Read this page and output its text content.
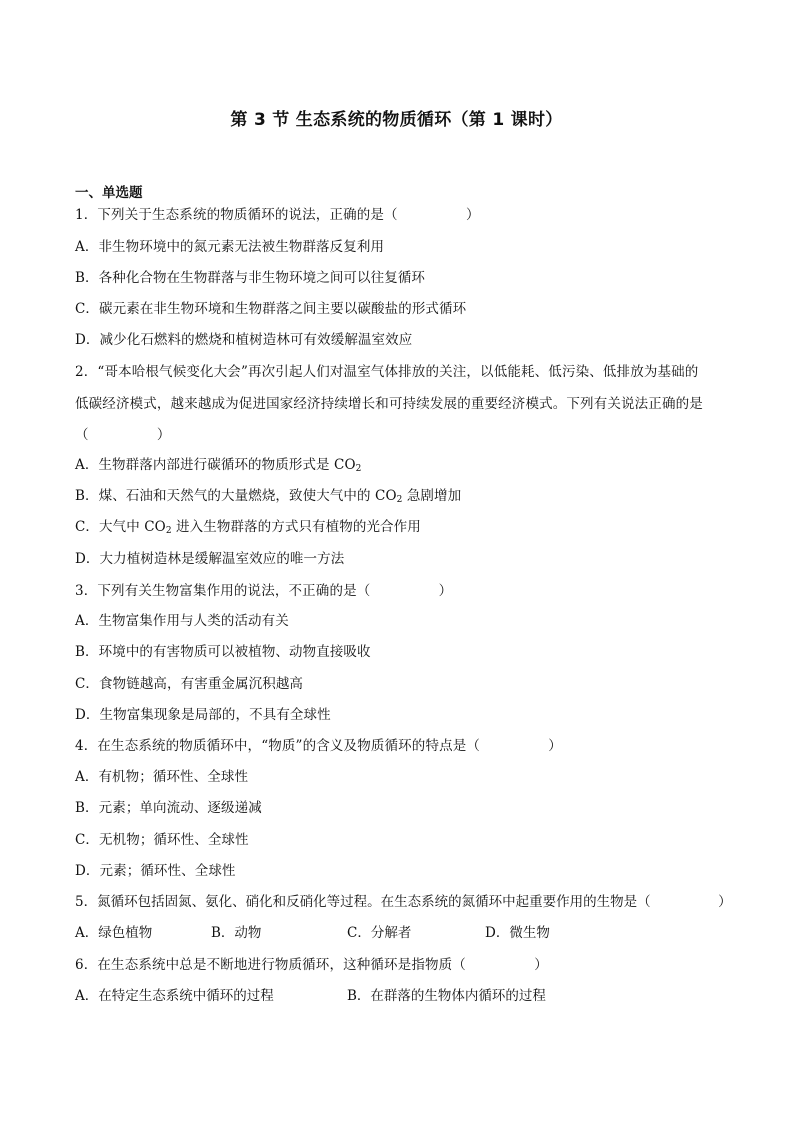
第 3 节 生态系统的物质循环（第 1 课时）
一、单选题
1．下列关于生态系统的物质循环的说法，正确的是（　　　　　）
A．非生物环境中的氮元素无法被生物群落反复利用
B．各种化合物在生物群落与非生物环境之间可以往复循环
C．碳元素在非生物环境和生物群落之间主要以碳酸盐的形式循环
D．减少化石燃料的燃烧和植树造林可有效缓解温室效应
2．“哥本哈根气候变化大会”再次引起人们对温室气体排放的关注，以低能耗、低污染、低排放为基础的
低碳经济模式，越来越成为促进国家经济持续增长和可持续发展的重要经济模式。下列有关说法正确的是
（　　　　　）
A．生物群落内部进行碳循环的物质形式是 $CO_2$
B．煤、石油和天然气的大量燃烧，致使大气中的 $CO_2$ 急剧增加
C．大气中 $CO_2$ 进入生物群落的方式只有植物的光合作用
D．大力植树造林是缓解温室效应的唯一方法
3．下列有关生物富集作用的说法，不正确的是（　　　　　）
A．生物富集作用与人类的活动有关
B．环境中的有害物质可以被植物、动物直接吸收
C．食物链越高，有害重金属沉积越高
D．生物富集现象是局部的，不具有全球性
4．在生态系统的物质循环中，“物质”的含义及物质循环的特点是（　　　　　）
A．有机物；循环性、全球性
B．元素；单向流动、逐级递减
C．无机物；循环性、全球性
D．元素；循环性、全球性
5．氮循环包括固氮、氨化、硝化和反硝化等过程。在生态系统的氮循环中起重要作用的生物是（　　　　　）
A．绿色植物	B．动物	C．分解者	D．微生物
6．在生态系统中总是不断地进行物质循环，这种循环是指物质（　　　　　）
A．在特定生态系统中循环的过程	B．在群落的生物体内循环的过程
